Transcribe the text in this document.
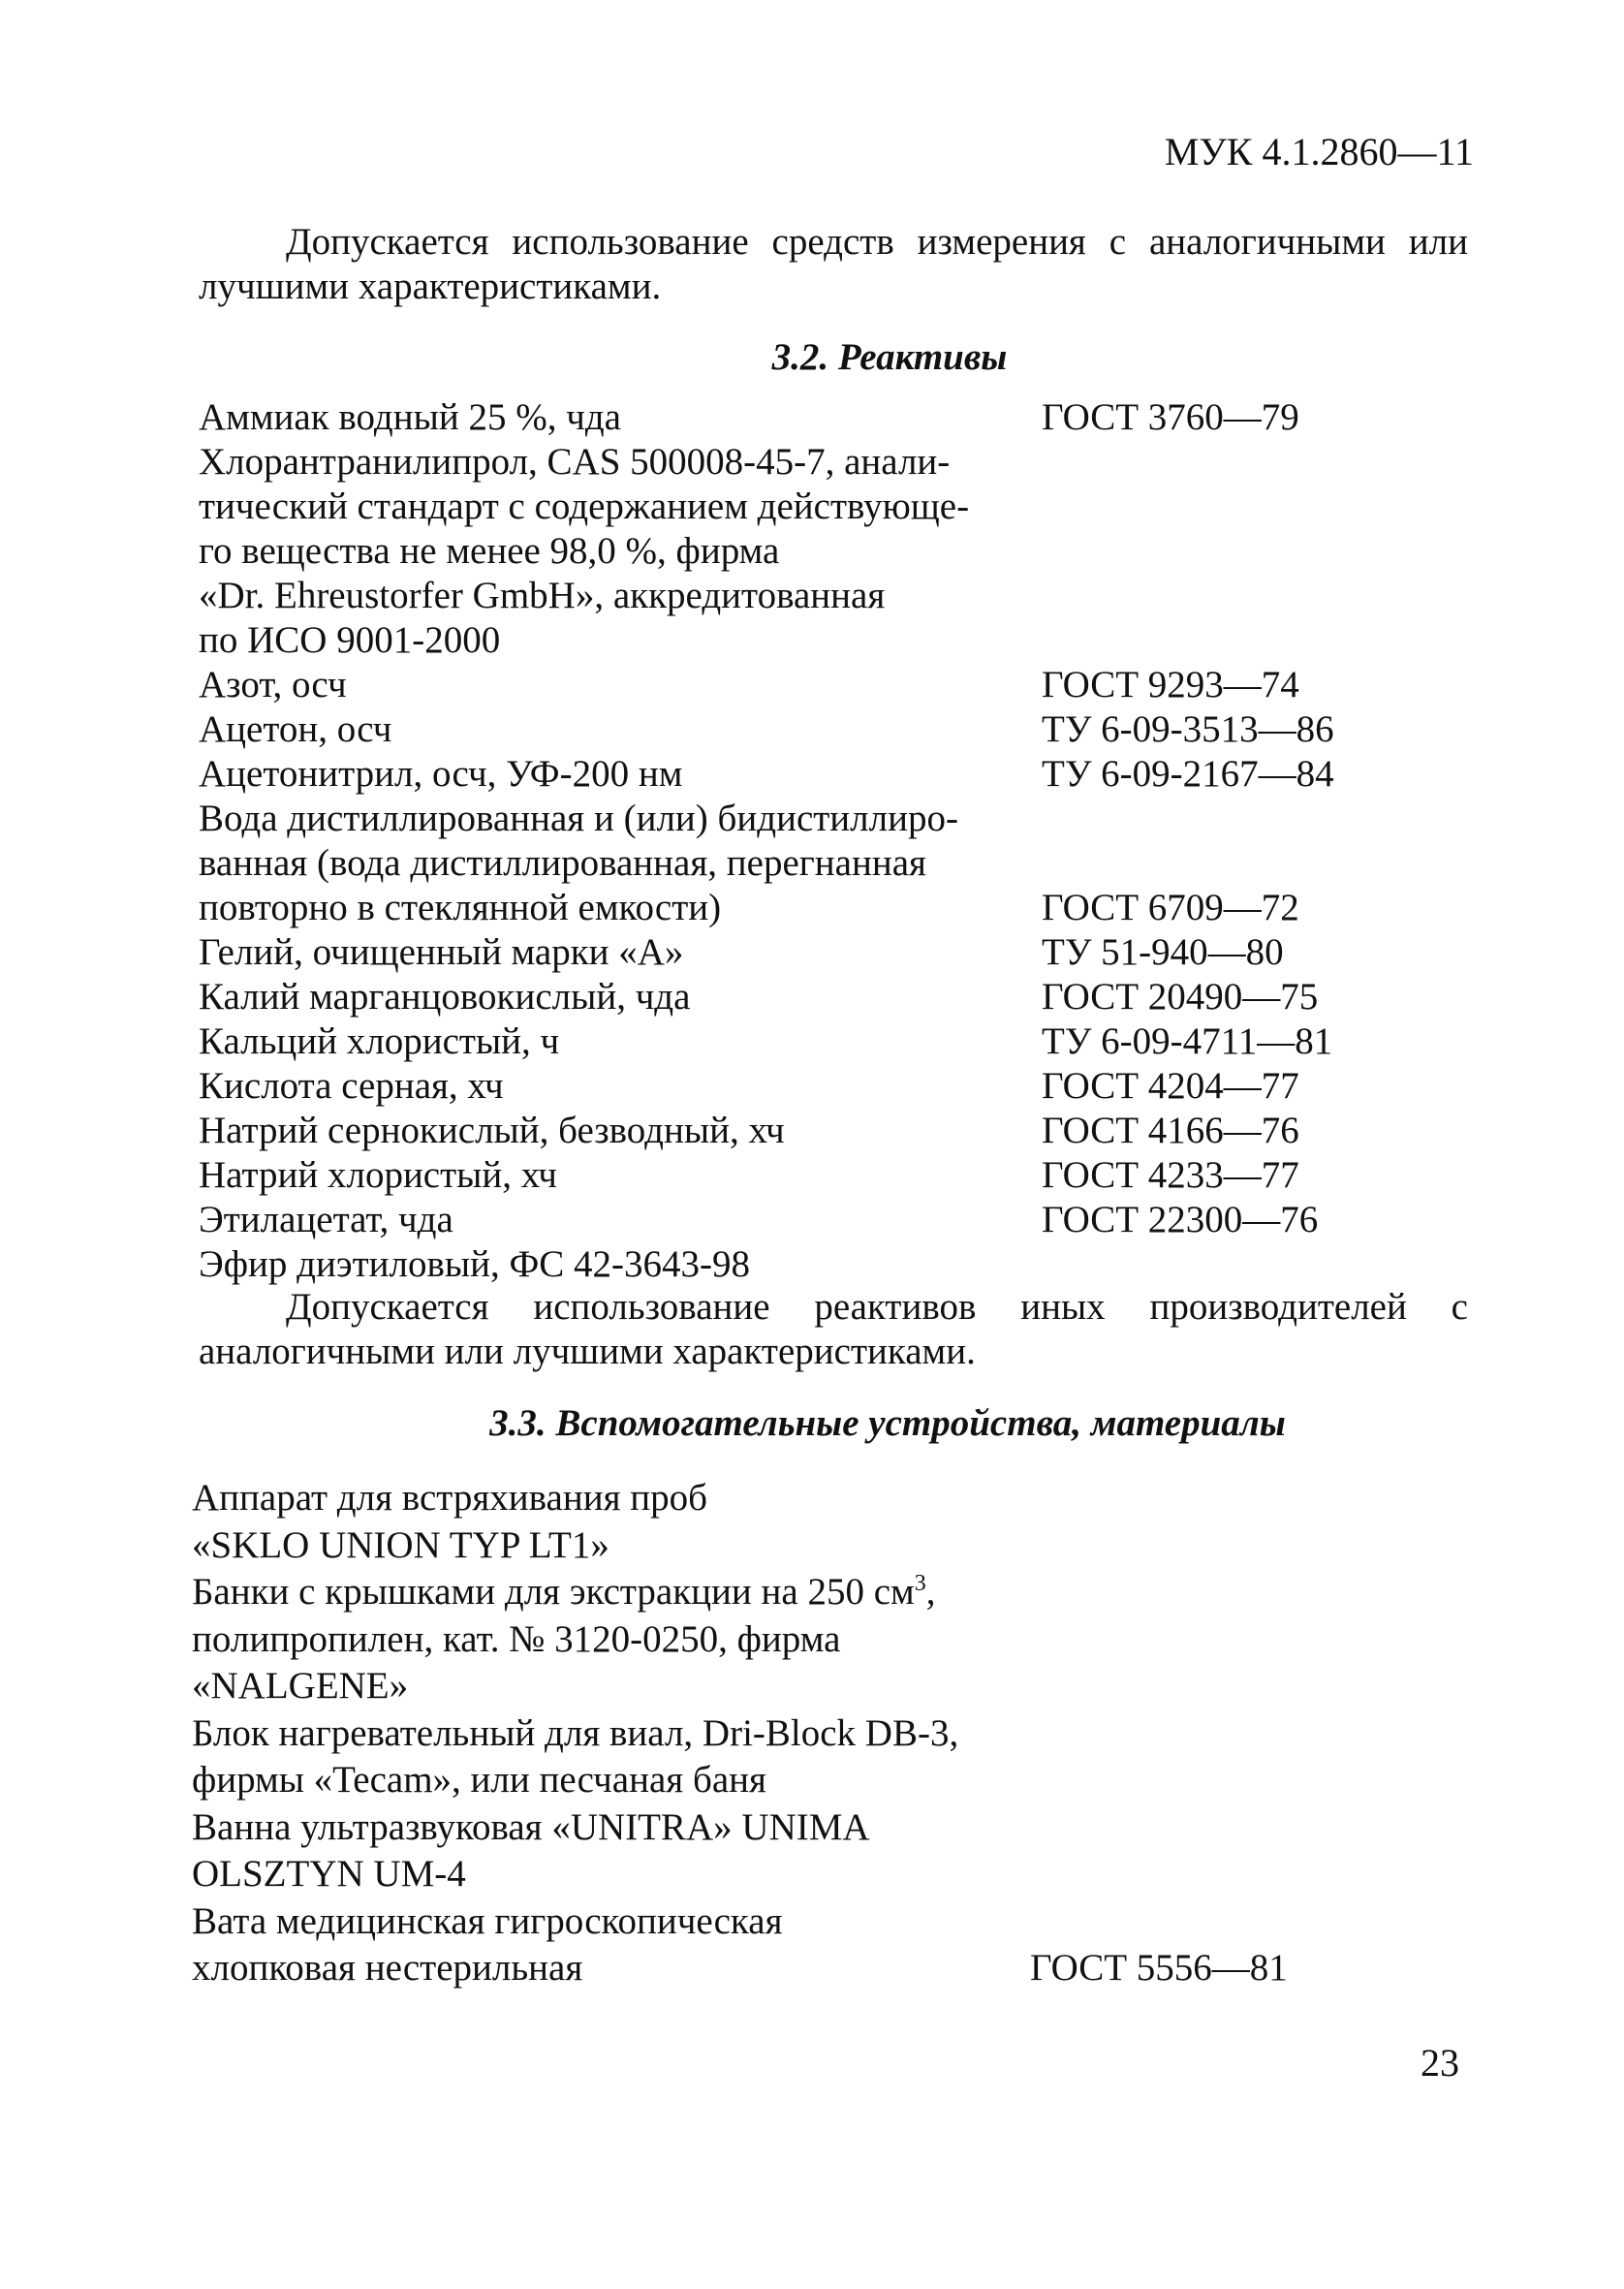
МУК 4.1.2860—11
Допускается использование средств измерения с аналогичными или лучшими характеристиками.
3.2. Реактивы
Аммиак водный 25 %, чда	ГОСТ 3760—79
Хлорантранилипрол, CAS 500008-45-7, анали-
тический стандарт с содержанием действующе-
го вещества не менее 98,0 %, фирма
«Dr. Ehreustorfer GmbH», аккредитованная
по ИСО 9001-2000
Азот, осч	ГОСТ 9293—74
Ацетон, осч	ТУ 6-09-3513—86
Ацетонитрил, осч, УФ-200 нм	ТУ 6-09-2167—84
Вода дистиллированная и (или) бидистиллиро-
ванная (вода дистиллированная, перегнанная
повторно в стеклянной емкости)	ГОСТ 6709—72
Гелий, очищенный марки «А»	ТУ 51-940—80
Калий марганцовокислый, чда	ГОСТ 20490—75
Кальций хлористый, ч	ТУ 6-09-4711—81
Кислота серная, хч	ГОСТ 4204—77
Натрий сернокислый, безводный, хч	ГОСТ 4166—76
Натрий хлористый, хч	ГОСТ 4233—77
Этилацетат, чда	ГОСТ 22300—76
Эфир диэтиловый, ФС 42-3643-98
Допускается использование реактивов иных производителей с аналогичными или лучшими характеристиками.
3.3. Вспомогательные устройства, материалы
Аппарат для встряхивания проб
«SKLO UNION TYP LT1»
Банки с крышками для экстракции на 250 $см^3$,
полипропилен, кат. № 3120-0250, фирма
«NALGENE»
Блок нагревательный для виал, Dri-Block DB-3,
фирмы «Tecam», или песчаная баня
Ванна ультразвуковая «UNITRA» UNIMA
OLSZTYN UM-4
Вата медицинская гигроскопическая
хлопковая нестерильная	ГОСТ 5556—81
23
